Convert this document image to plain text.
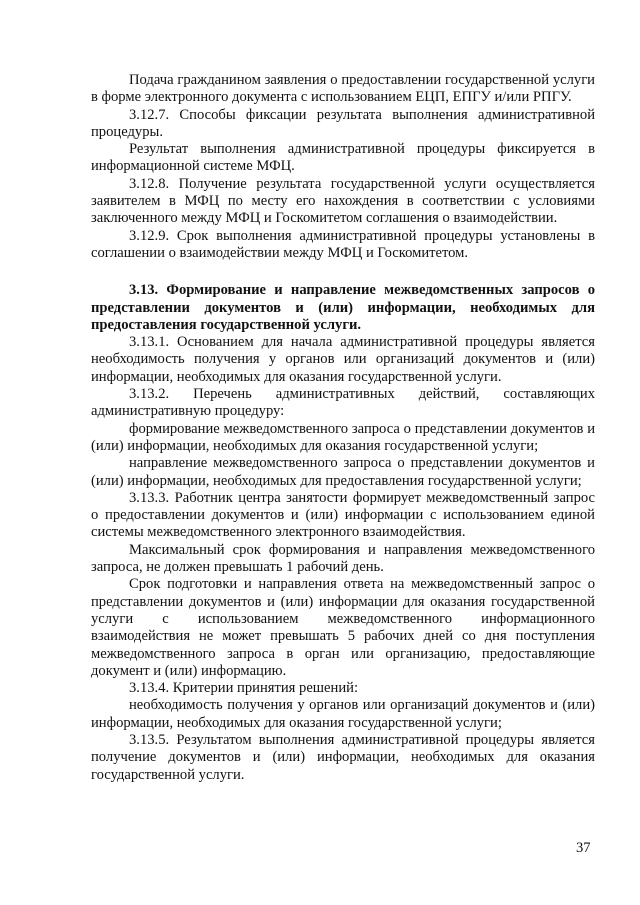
Подача гражданином заявления о предоставлении государственной услуги в форме электронного документа с использованием ЕЦП, ЕПГУ и/или РПГУ.

3.12.7. Способы фиксации результата выполнения административной процедуры.

Результат выполнения административной процедуры фиксируется в информационной системе МФЦ.

3.12.8. Получение результата государственной услуги осуществляется заявителем в МФЦ по месту его нахождения в соответствии с условиями заключенного между МФЦ и Госкомитетом соглашения о взаимодействии.

3.12.9. Срок выполнения административной процедуры установлены в соглашении о взаимодействии между МФЦ и Госкомитетом.

3.13. Формирование и направление межведомственных запросов о представлении документов и (или) информации, необходимых для предоставления государственной услуги.

3.13.1. Основанием для начала административной процедуры является необходимость получения у органов или организаций документов и (или) информации, необходимых для оказания государственной услуги.

3.13.2. Перечень административных действий, составляющих административную процедуру:

формирование межведомственного запроса о представлении документов и (или) информации, необходимых для оказания государственной услуги;

направление межведомственного запроса о представлении документов и (или) информации, необходимых для предоставления государственной услуги;

3.13.3. Работник центра занятости формирует межведомственный запрос о предоставлении документов и (или) информации с использованием единой системы межведомственного электронного взаимодействия.

Максимальный срок формирования и направления межведомственного запроса, не должен превышать 1 рабочий день.

Срок подготовки и направления ответа на межведомственный запрос о представлении документов и (или) информации для оказания государственной услуги с использованием межведомственного информационного взаимодействия не может превышать 5 рабочих дней со дня поступления межведомственного запроса в орган или организацию, предоставляющие документ и (или) информацию.

3.13.4. Критерии принятия решений:

необходимость получения у органов или организаций документов и (или) информации, необходимых для оказания государственной услуги;

3.13.5. Результатом выполнения административной процедуры является получение документов и (или) информации, необходимых для оказания государственной услуги.

37
